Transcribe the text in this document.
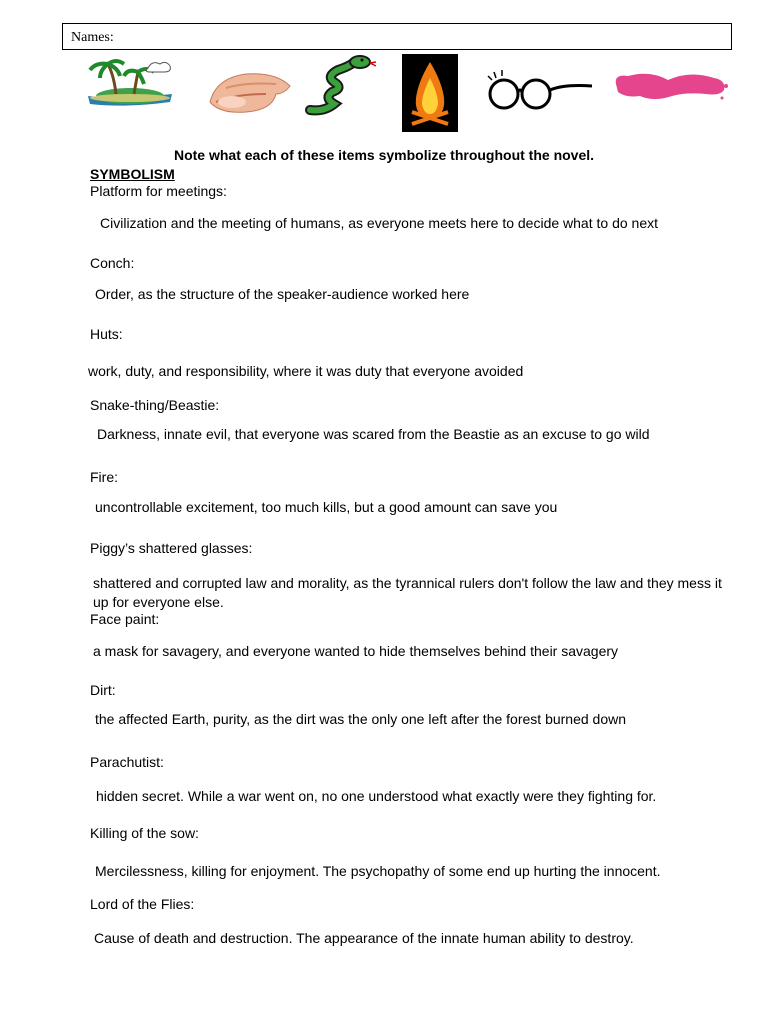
Names:
Note what each of these items symbolize throughout the novel.
SYMBOLISM
Platform for meetings:
Civilization and the meeting of humans, as everyone meets here to decide what to do next
Conch:
Order, as the structure of the speaker-audience worked here
Huts:
work, duty, and responsibility, where it was duty that everyone avoided
Snake-thing/Beastie:
Darkness, innate evil, that everyone was scared from the Beastie as an excuse to go wild
Fire:
uncontrollable excitement, too much kills, but a good amount can save you
Piggy’s shattered glasses:
shattered and corrupted law and morality, as the tyrannical rulers don't follow the law and they mess it up for everyone else.
Face paint:
a mask for savagery, and everyone wanted to hide themselves behind their savagery
Dirt:
the affected Earth, purity, as the dirt was the only one left after the forest burned down
Parachutist:
hidden secret. While a war went on, no one understood what exactly were they fighting for.
Killing of the sow:
Mercilessness, killing for enjoyment. The psychopathy of some end up hurting the innocent.
Lord of the Flies:
Cause of death and destruction. The appearance of the innate human ability to destroy.
